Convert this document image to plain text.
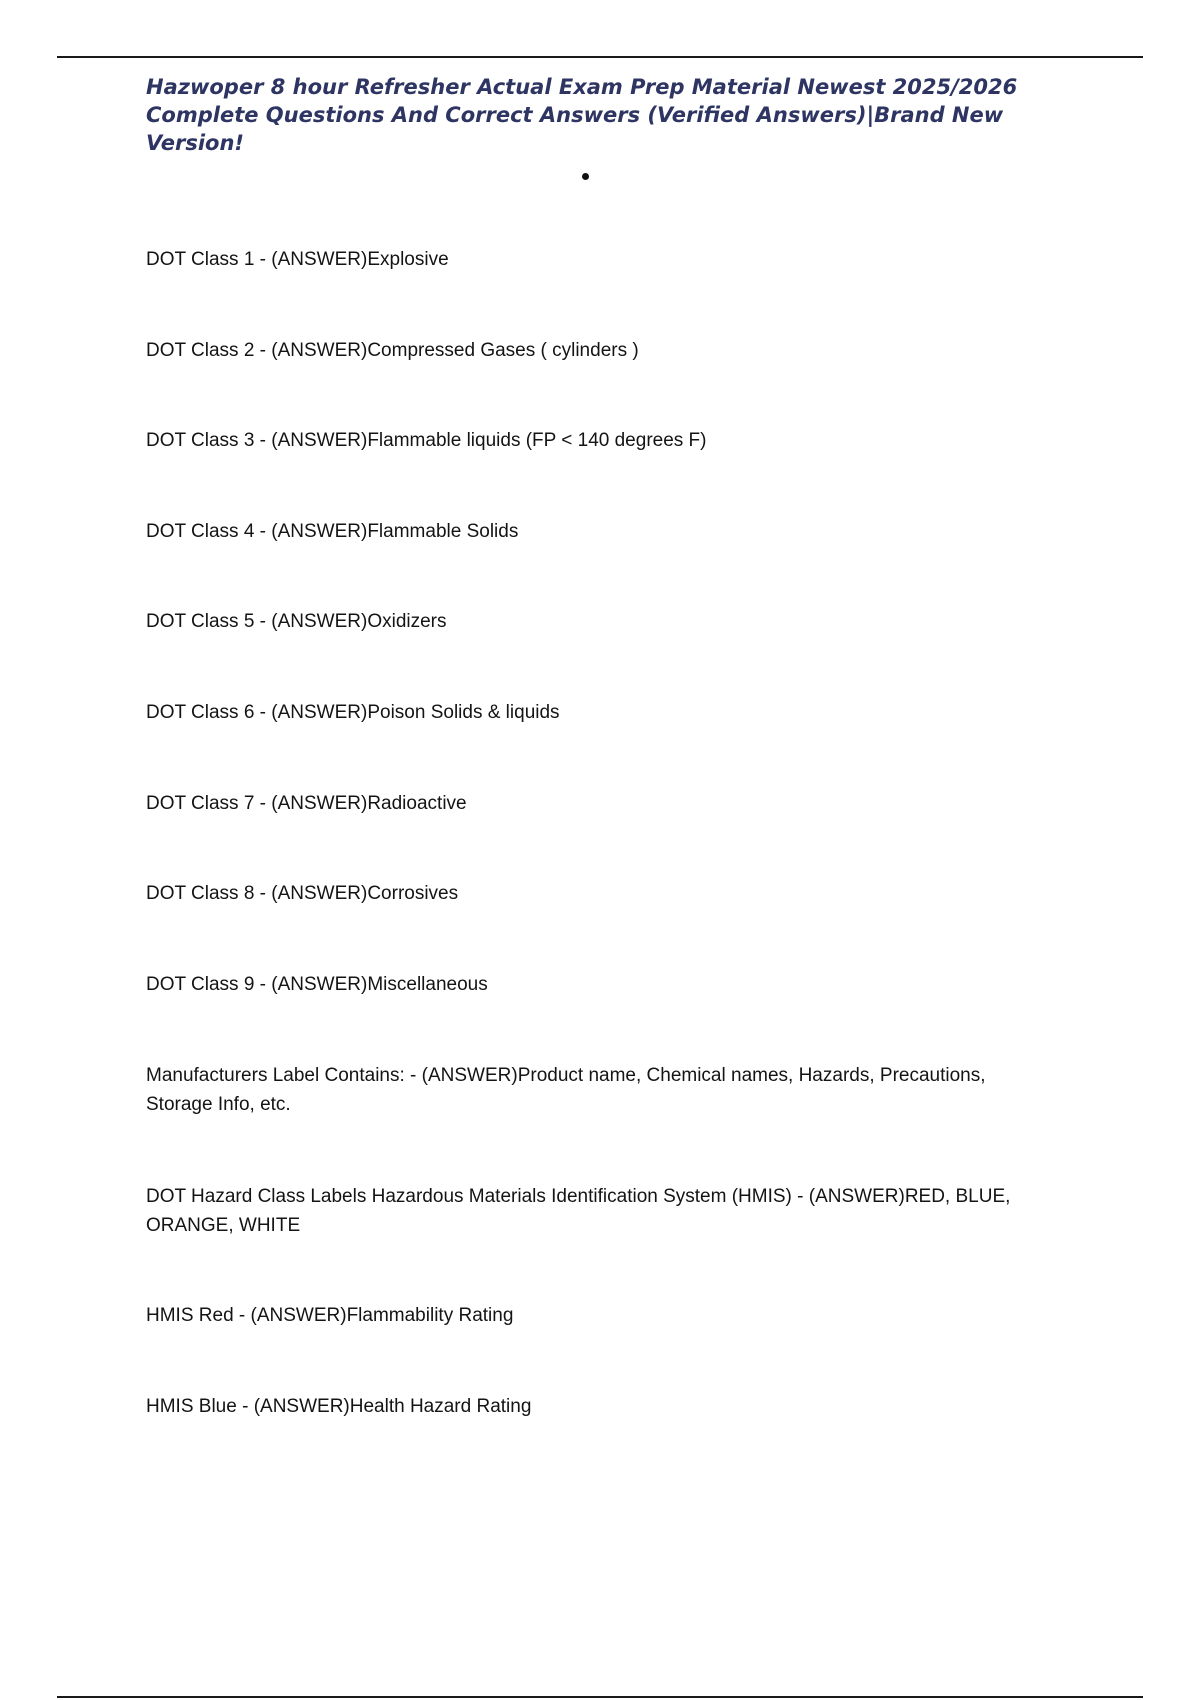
Hazwoper 8 hour Refresher Actual Exam Prep Material Newest 2025/2026 Complete Questions And Correct Answers (Verified Answers)|Brand New Version!
DOT Class 1 - (ANSWER)Explosive
DOT Class 2 - (ANSWER)Compressed Gases ( cylinders )
DOT Class 3 - (ANSWER)Flammable liquids (FP < 140 degrees F)
DOT Class 4 - (ANSWER)Flammable Solids
DOT Class 5 - (ANSWER)Oxidizers
DOT Class 6 - (ANSWER)Poison Solids & liquids
DOT Class 7 - (ANSWER)Radioactive
DOT Class 8 - (ANSWER)Corrosives
DOT Class 9 - (ANSWER)Miscellaneous
Manufacturers Label Contains: - (ANSWER)Product name, Chemical names, Hazards, Precautions, Storage Info, etc.
DOT Hazard Class Labels Hazardous Materials Identification System (HMIS) - (ANSWER)RED, BLUE, ORANGE, WHITE
HMIS Red - (ANSWER)Flammability Rating
HMIS Blue - (ANSWER)Health Hazard Rating
